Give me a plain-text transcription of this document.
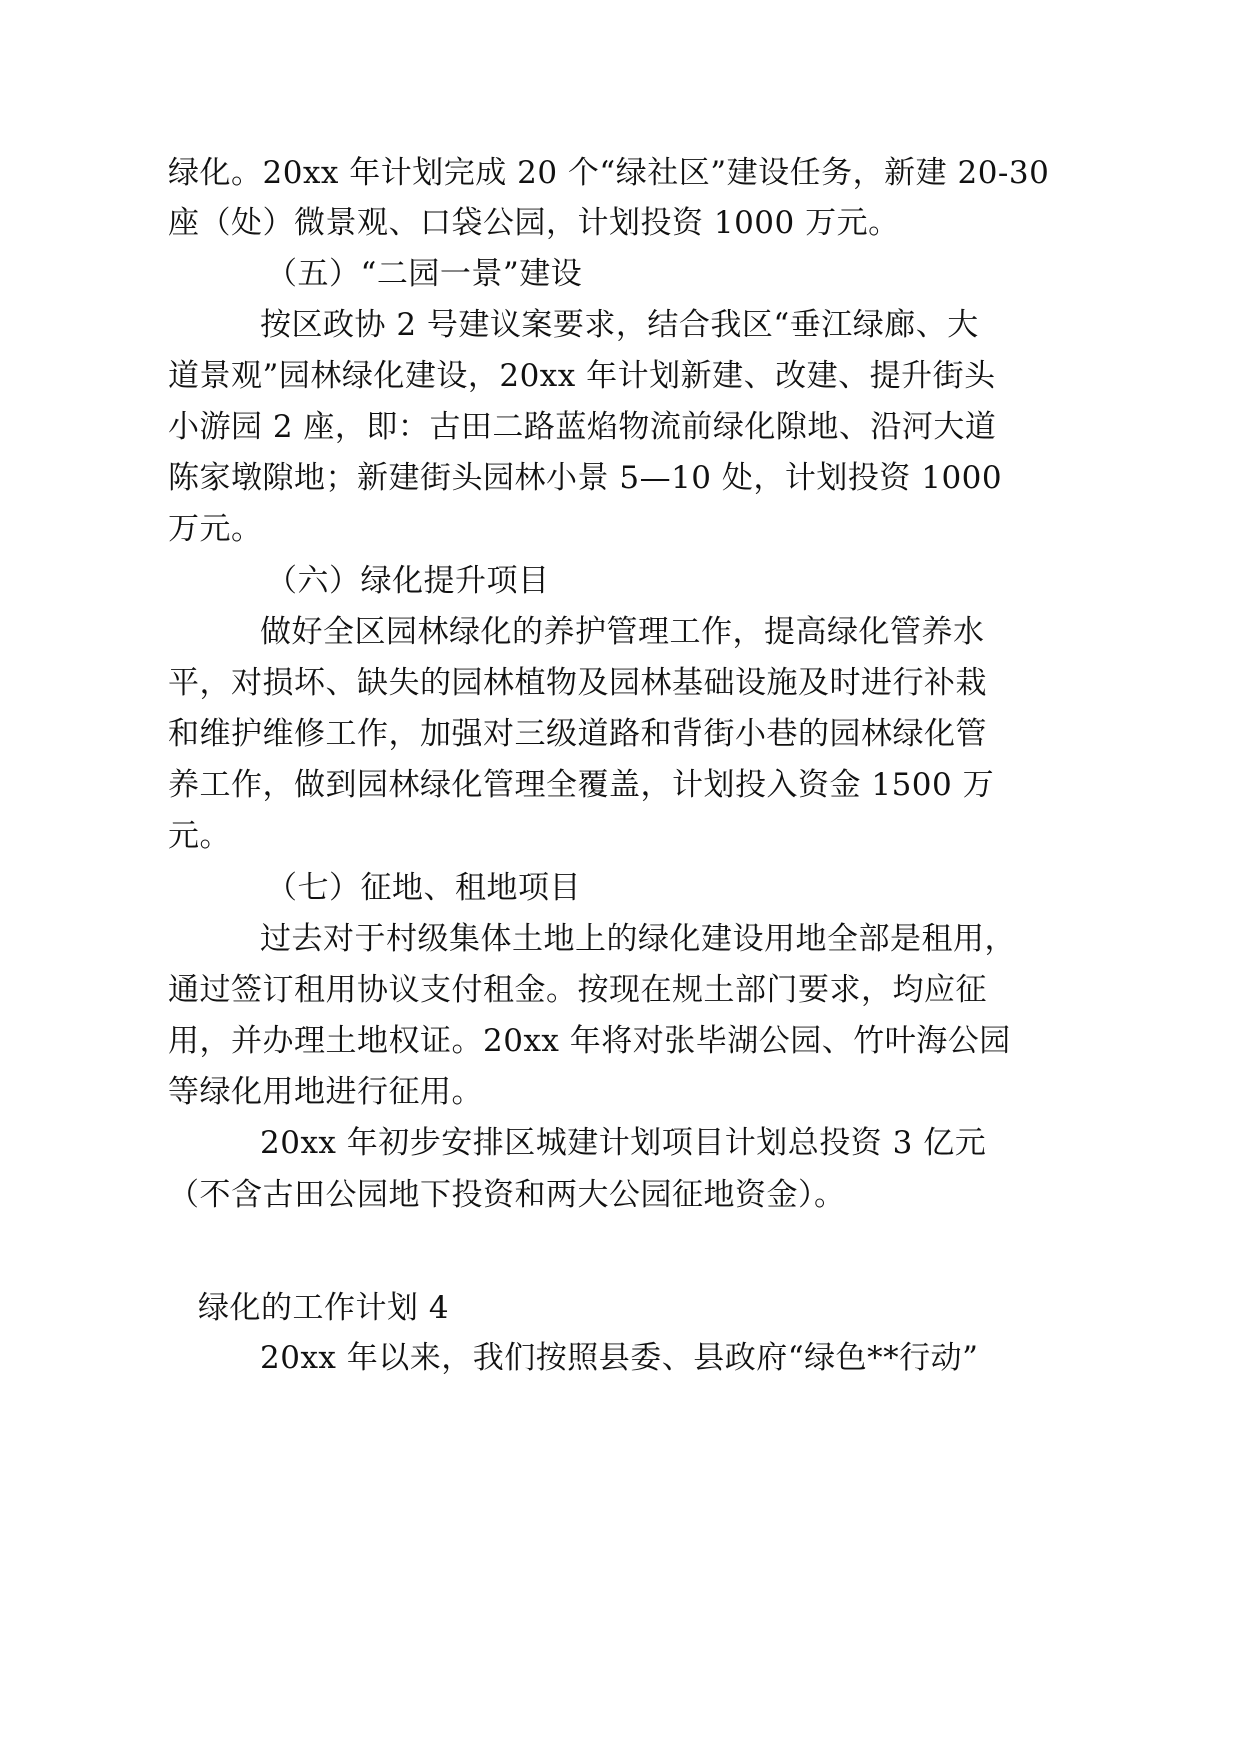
绿化。20xx 年计划完成 20 个“绿社区”建设任务，新建 20-30
座（处）微景观、口袋公园，计划投资 1000 万元。
（五）“二园一景”建设
按区政协 2 号建议案要求，结合我区“垂江绿廊、大
道景观”园林绿化建设，20xx 年计划新建、改建、提升街头
小游园 2 座，即：古田二路蓝焰物流前绿化隙地、沿河大道
陈家墩隙地；新建街头园林小景 5—10 处，计划投资 1000
万元。
（六）绿化提升项目
做好全区园林绿化的养护管理工作，提高绿化管养水
平，对损坏、缺失的园林植物及园林基础设施及时进行补栽
和维护维修工作，加强对三级道路和背街小巷的园林绿化管
养工作，做到园林绿化管理全覆盖，计划投入资金 1500 万
元。
（七）征地、租地项目
过去对于村级集体土地上的绿化建设用地全部是租用，
通过签订租用协议支付租金。按现在规土部门要求，均应征
用，并办理土地权证。20xx 年将对张毕湖公园、竹叶海公园
等绿化用地进行征用。
20xx 年初步安排区城建计划项目计划总投资 3 亿元
（不含古田公园地下投资和两大公园征地资金）。
绿化的工作计划 4
20xx 年以来，我们按照县委、县政府“绿色**行动”
